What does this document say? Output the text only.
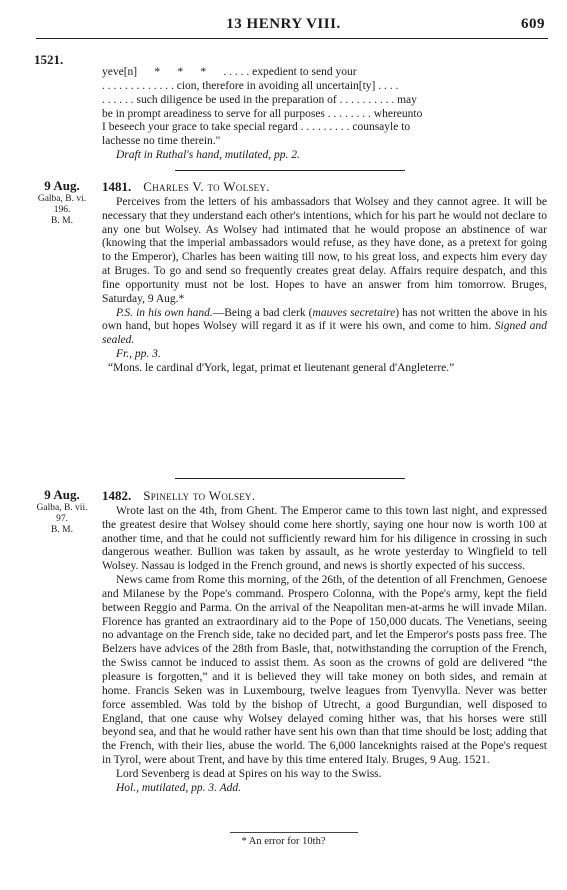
13 HENRY VIII.	609
1521.

yeve[n]      *      *      *      . . . . . expedient to send your

. . . . . . . . . . . . . cion, therefore in avoiding all uncertain[ty] . . . .

. . . . . . such diligence be used in the preparation of . . . . . . . . . . may

be in prompt areadiness to serve for all purposes . . . . . . . . whereunto

I beseech your grace to take special regard . . . . . . . . . counsayle to

lachesse no time therein."

Draft in Ruthal's hand, mutilated, pp. 2.

9 Aug.
Galba, B. vi. 196.
B. M.
1481. Charles V. to Wolsey.

Perceives from the letters of his ambassadors that Wolsey and they cannot agree. It will be necessary that they understand each other's intentions, which for his part he would not declare to any one but Wolsey. As Wolsey had intimated that he would propose an abstinence of war (knowing that the imperial ambassadors would refuse, as they have done, as a pretext for going to the Emperor), Charles has been waiting till now, to his great loss, and expects him every day at Bruges. To go and send so frequently creates great delay. Affairs require despatch, and this fine opportunity must not be lost. Hopes to have an answer from him tomorrow. Bruges, Saturday, 9 Aug.*

P.S. in his own hand.—Being a bad clerk (mauves secretaire) has not written the above in his own hand, but hopes Wolsey will regard it as if it were his own, and come to him. Signed and sealed.

Fr., pp. 3.

“Mons. le cardinal d'York, legat, primat et lieutenant general d'Angleterre.”

9 Aug.
Galba, B. vii. 97.
B. M.
1482. Spinelly to Wolsey.

Wrote last on the 4th, from Ghent. The Emperor came to this town last night, and expressed the greatest desire that Wolsey should come here shortly, saying one hour now is worth 100 at another time, and that he could not sufficiently reward him for his diligence in crossing in such dangerous weather. Bullion was taken by assault, as he wrote yesterday to Wingfield to tell Wolsey. Nassau is lodged in the French ground, and news is shortly expected of his success.

News came from Rome this morning, of the 26th, of the detention of all Frenchmen, Genoese and Milanese by the Pope's command. Prospero Colonna, with the Pope's army, kept the field between Reggio and Parma. On the arrival of the Neapolitan men-at-arms he will invade Milan. Florence has granted an extraordinary aid to the Pope of 150,000 ducats. The Venetians, seeing no advantage on the French side, take no decided part, and let the Emperor's posts pass free. The Belzers have advices of the 28th from Basle, that, notwithstanding the corruption of the French, the Swiss cannot be induced to assist them. As soon as the crowns of gold are delivered “the pleasure is forgotten,” and it is believed they will take money on both sides, and remain at home. Francis Seken was in Luxembourg, twelve leagues from Tyenvylla. Never was better force assembled. Was told by the bishop of Utrecht, a good Burgundian, well disposed to England, that one cause why Wolsey delayed coming hither was, that his horses were still beyond sea, and that he would rather have sent his own than that time should be lost; adding that the French, with their lies, abuse the world. The 6,000 lanceknights raised at the Pope's request in Tyrol, were about Trent, and have by this time entered Italy. Bruges, 9 Aug. 1521.

Lord Sevenberg is dead at Spires on his way to the Swiss.

Hol., mutilated, pp. 3. Add.

* An error for 10th?
